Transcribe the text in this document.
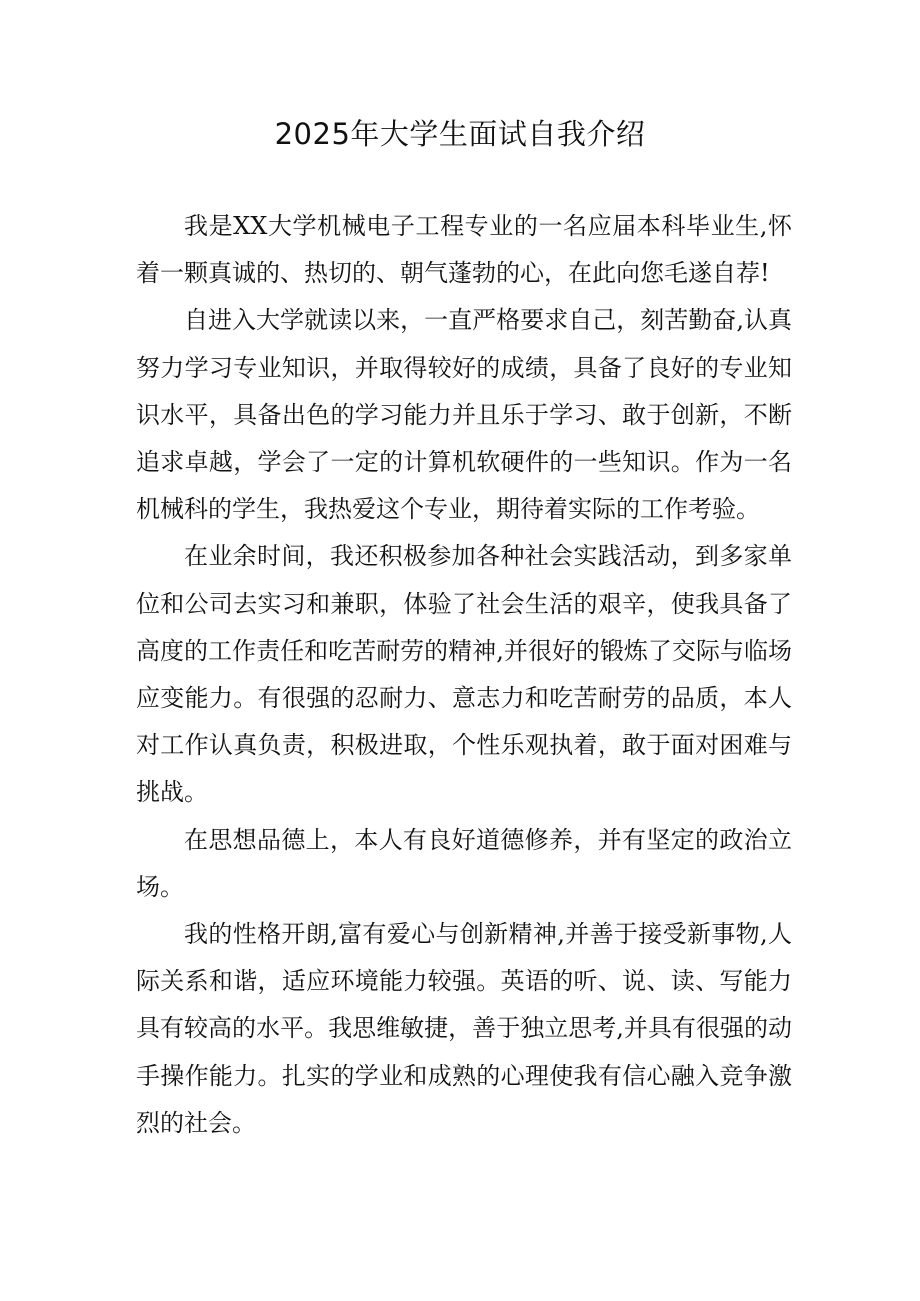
2025年大学生面试自我介绍

我是XX大学机械电子工程专业的一名应届本科毕业生,怀着一颗真诚的、热切的、朝气蓬勃的心，在此向您毛遂自荐!

自进入大学就读以来，一直严格要求自己，刻苦勤奋,认真努力学习专业知识，并取得较好的成绩，具备了良好的专业知识水平，具备出色的学习能力并且乐于学习、敢于创新，不断追求卓越，学会了一定的计算机软硬件的一些知识。作为一名机械科的学生，我热爱这个专业，期待着实际的工作考验。

在业余时间，我还积极参加各种社会实践活动，到多家单位和公司去实习和兼职，体验了社会生活的艰辛，使我具备了高度的工作责任和吃苦耐劳的精神,并很好的锻炼了交际与临场应变能力。有很强的忍耐力、意志力和吃苦耐劳的品质，本人对工作认真负责，积极进取，个性乐观执着，敢于面对困难与挑战。

在思想品德上，本人有良好道德修养，并有坚定的政治立场。

我的性格开朗,富有爱心与创新精神,并善于接受新事物,人际关系和谐，适应环境能力较强。英语的听、说、读、写能力具有较高的水平。我思维敏捷，善于独立思考,并具有很强的动手操作能力。扎实的学业和成熟的心理使我有信心融入竞争激烈的社会。
